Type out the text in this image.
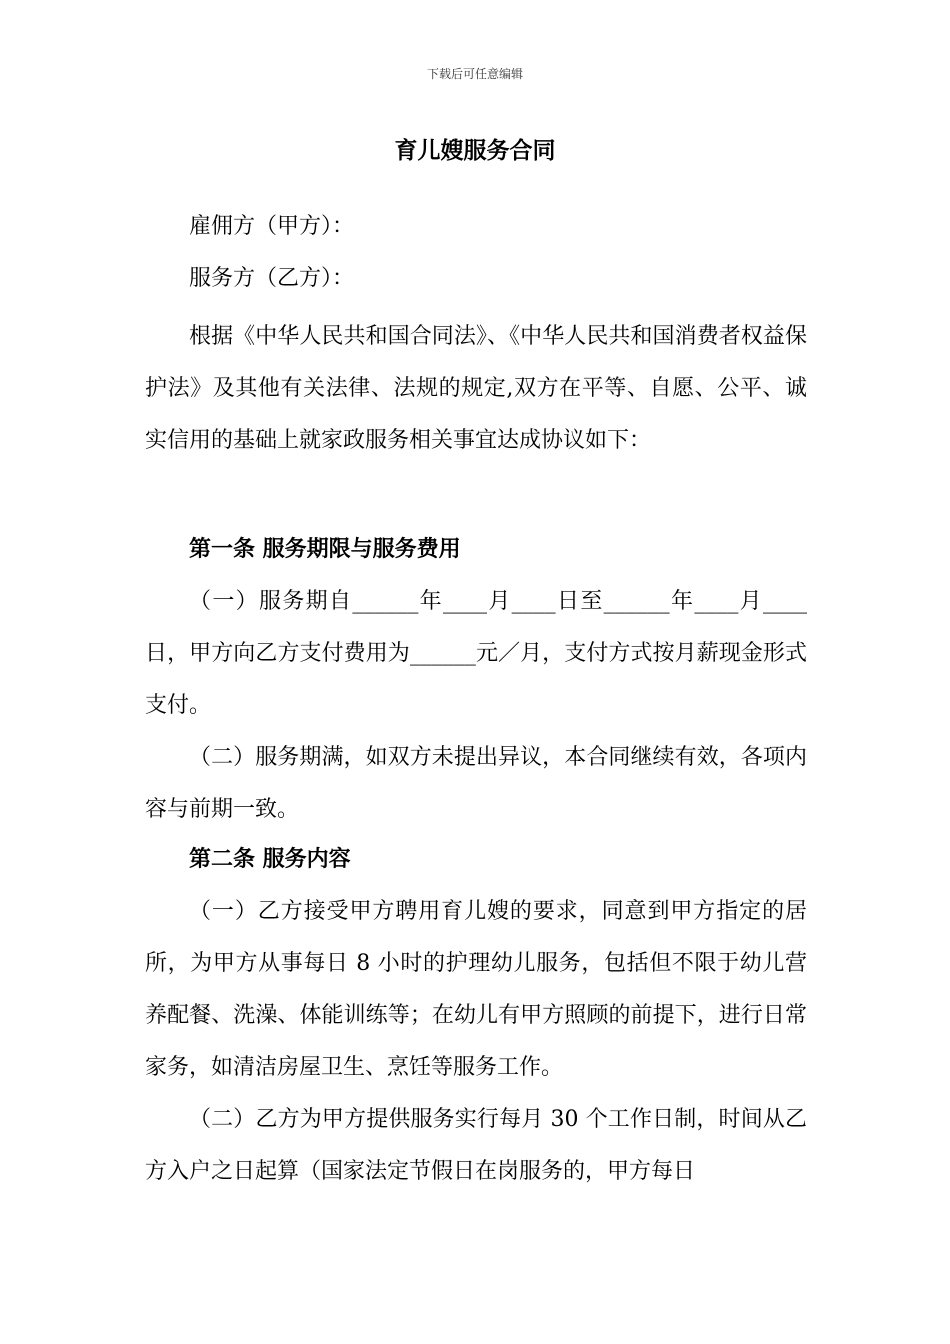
下载后可任意编辑
育儿嫂服务合同

雇佣方（甲方）：

服务方（乙方）：

根据《中华人民共和国合同法》、《中华人民共和国消费者权益保护法》及其他有关法律、法规的规定,双方在平等、自愿、公平、诚实信用的基础上就家政服务相关事宜达成协议如下：

第一条 服务期限与服务费用

（一）服务期自______年____月____日至______年____月____日，甲方向乙方支付费用为______元／月，支付方式按月薪现金形式支付。

（二）服务期满，如双方未提出异议，本合同继续有效，各项内容与前期一致。

第二条 服务内容

（一）乙方接受甲方聘用育儿嫂的要求，同意到甲方指定的居所，为甲方从事每日 8 小时的护理幼儿服务，包括但不限于幼儿营养配餐、洗澡、体能训练等；在幼儿有甲方照顾的前提下，进行日常家务，如清洁房屋卫生、烹饪等服务工作。

（二）乙方为甲方提供服务实行每月 30 个工作日制，时间从乙方入户之日起算（国家法定节假日在岗服务的，甲方每日
